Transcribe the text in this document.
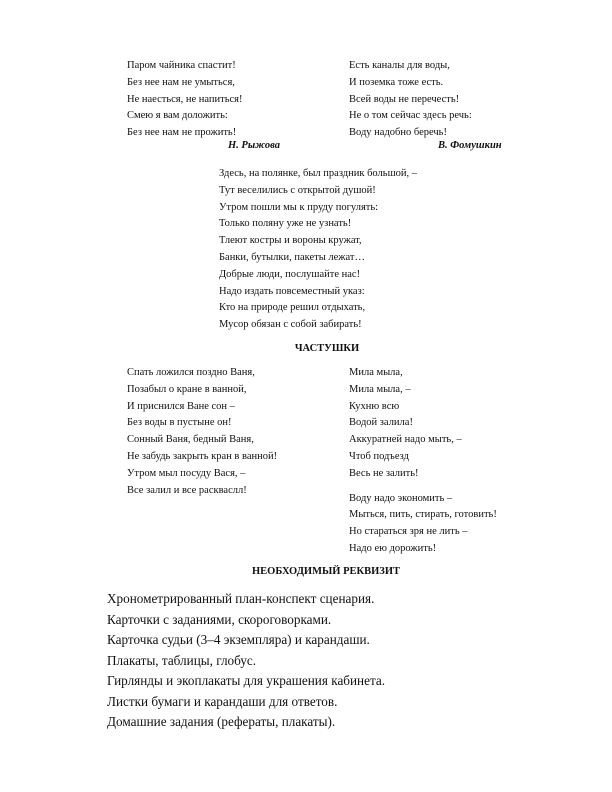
Паром чайника спастит!
Без нее нам не умыться,
Не наесться, не напиться!
Смею я вам доложить:
Без нее нам не прожить!
Н. Рыжова
Есть каналы для воды,
И поземка тоже есть.
Всей воды не перечесть!
Не о том сейчас здесь речь:
Воду надобно беречь!
В. Фомушкин
Здесь, на полянке, был праздник большой, –
Тут веселились с открытой душой!
Утром пошли мы к пруду погулять:
Только поляну уже не узнать!
Тлеют костры и вороны кружат,
Банки, бутылки, пакеты лежат…
Добрые люди, послушайте нас!
Надо издать повсеместный указ:
Кто на природе решил отдыхать,
Мусор обязан с собой забирать!
ЧАСТУШКИ
Спать ложился поздно Ваня,
Позабыл о кране в ванной,
И приснился Ване сон –
Без воды в пустыне он!
Сонный Ваня, бедный Ваня,
Не забудь закрыть кран в ванной!
Утром мыл посуду Вася, –
Все залил и все раскваслл!
Мила мыла,
Мила мыла, –
Кухню всю
Водой залила!
Аккуратней надо мыть, –
Чтоб подъезд
Весь не залить!
Воду надо экономить –
Мыться, пить, стирать, готовить!
Но стараться зря не лить –
Надо ею дорожить!
НЕОБХОДИМЫЙ РЕКВИЗИТ
Хронометрированный план-конспект сценария.
Карточки с заданиями, скороговорками.
Карточка судьи (3–4 экземпляра) и карандаши.
Плакаты, таблицы, глобус.
Гирлянды и экоплакаты для украшения кабинета.
Листки бумаги и карандаши для ответов.
Домашние задания (рефераты, плакаты).
